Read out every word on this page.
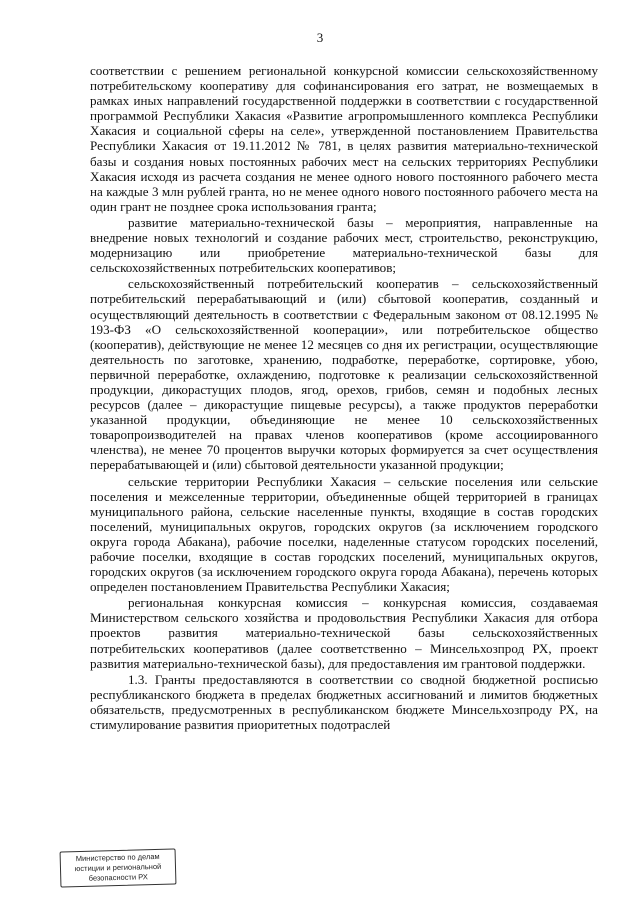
3

соответствии с решением региональной конкурсной комиссии сельскохозяйственному потребительскому кооперативу для софинансирования его затрат, не возмещаемых в рамках иных направлений государственной поддержки в соответствии с государственной программой Республики Хакасия «Развитие агропромышленного комплекса Республики Хакасия и социальной сферы на селе», утвержденной постановлением Правительства Республики Хакасия от 19.11.2012 № 781, в целях развития материально-технической базы и создания новых постоянных рабочих мест на сельских территориях Республики Хакасия исходя из расчета создания не менее одного нового постоянного рабочего места на каждые 3 млн рублей гранта, но не менее одного нового постоянного рабочего места на один грант не позднее срока использования гранта;

развитие материально-технической базы – мероприятия, направленные на внедрение новых технологий и создание рабочих мест, строительство, реконструкцию, модернизацию или приобретение материально-технической базы для сельскохозяйственных потребительских кооперативов;

сельскохозяйственный потребительский кооператив – сельскохозяйственный потребительский перерабатывающий и (или) сбытовой кооператив, созданный и осуществляющий деятельность в соответствии с Федеральным законом от 08.12.1995 № 193-ФЗ «О сельскохозяйственной кооперации», или потребительское общество (кооператив), действующие не менее 12 месяцев со дня их регистрации, осуществляющие деятельность по заготовке, хранению, подработке, переработке, сортировке, убою, первичной переработке, охлаждению, подготовке к реализации сельскохозяйственной продукции, дикорастущих плодов, ягод, орехов, грибов, семян и подобных лесных ресурсов (далее – дикорастущие пищевые ресурсы), а также продуктов переработки указанной продукции, объединяющие не менее 10 сельскохозяйственных товаропроизводителей на правах членов кооперативов (кроме ассоциированного членства), не менее 70 процентов выручки которых формируется за счет осуществления перерабатывающей и (или) сбытовой деятельности указанной продукции;

сельские территории Республики Хакасия – сельские поселения или сельские поселения и межселенные территории, объединенные общей территорией в границах муниципального района, сельские населенные пункты, входящие в состав городских поселений, муниципальных округов, городских округов (за исключением городского округа города Абакана), рабочие поселки, наделенные статусом городских поселений, рабочие поселки, входящие в состав городских поселений, муниципальных округов, городских округов (за исключением городского округа города Абакана), перечень которых определен постановлением Правительства Республики Хакасия;

региональная конкурсная комиссия – конкурсная комиссия, создаваемая Министерством сельского хозяйства и продовольствия Республики Хакасия для отбора проектов развития материально-технической базы сельскохозяйственных потребительских кооперативов (далее соответственно – Минсельхозпрод РХ, проект развития материально-технической базы), для предоставления им грантовой поддержки.

1.3. Гранты предоставляются в соответствии со сводной бюджетной росписью республиканского бюджета в пределах бюджетных ассигнований и лимитов бюджетных обязательств, предусмотренных в республиканском бюджете Минсельхозпроду РХ, на стимулирование развития приоритетных подотраслей

Министерство по делам
юстиции и региональной
безопасности РХ
